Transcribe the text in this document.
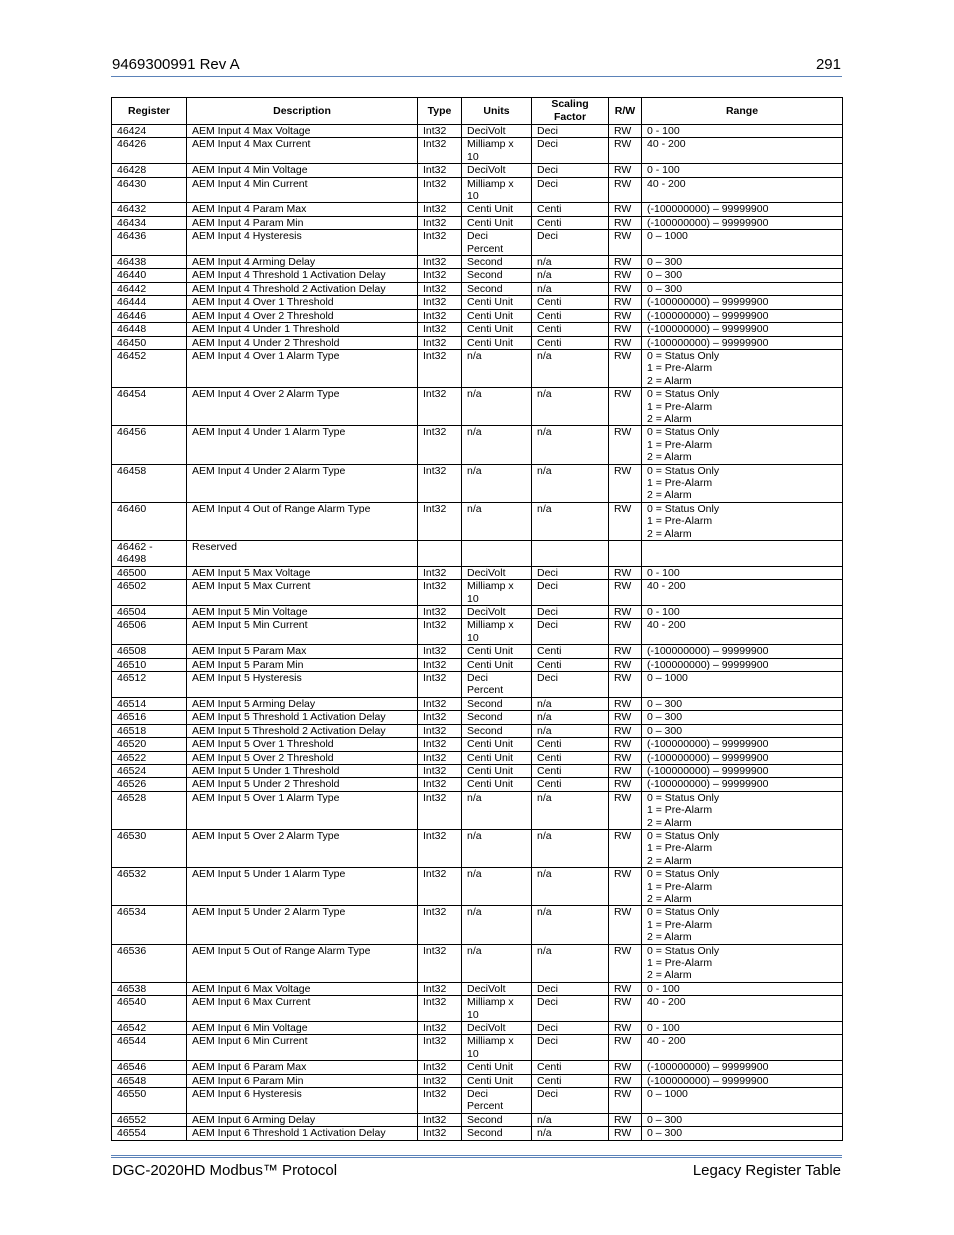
9469300991 Rev A	291
Register	Description	Type	Units	Scaling
Factor	R/W	Range
46424	AEM Input 4 Max Voltage	Int32	DeciVolt	Deci	RW	0 - 100
46426	AEM Input 4 Max Current	Int32	Milliamp x
10	Deci	RW	40 - 200
46428	AEM Input 4 Min Voltage	Int32	DeciVolt	Deci	RW	0 - 100
46430	AEM Input 4 Min Current	Int32	Milliamp x
10	Deci	RW	40 - 200
46432	AEM Input 4 Param Max	Int32	Centi Unit	Centi	RW	(-100000000) – 99999900
46434	AEM Input 4 Param Min	Int32	Centi Unit	Centi	RW	(-100000000) – 99999900
46436	AEM Input 4 Hysteresis	Int32	Deci
Percent	Deci	RW	0 – 1000
46438	AEM Input 4 Arming Delay	Int32	Second	n/a	RW	0 – 300
46440	AEM Input 4 Threshold 1 Activation Delay	Int32	Second	n/a	RW	0 – 300
46442	AEM Input 4 Threshold 2 Activation Delay	Int32	Second	n/a	RW	0 – 300
46444	AEM Input 4 Over 1 Threshold	Int32	Centi Unit	Centi	RW	(-100000000) – 99999900
46446	AEM Input 4 Over 2 Threshold	Int32	Centi Unit	Centi	RW	(-100000000) – 99999900
46448	AEM Input 4 Under 1 Threshold	Int32	Centi Unit	Centi	RW	(-100000000) – 99999900
46450	AEM Input 4 Under 2 Threshold	Int32	Centi Unit	Centi	RW	(-100000000) – 99999900
46452	AEM Input 4 Over 1 Alarm Type	Int32	n/a	n/a	RW	0 = Status Only
1 = Pre-Alarm
2 = Alarm
46454	AEM Input 4 Over 2 Alarm Type	Int32	n/a	n/a	RW	0 = Status Only
1 = Pre-Alarm
2 = Alarm
46456	AEM Input 4 Under 1 Alarm Type	Int32	n/a	n/a	RW	0 = Status Only
1 = Pre-Alarm
2 = Alarm
46458	AEM Input 4 Under 2 Alarm Type	Int32	n/a	n/a	RW	0 = Status Only
1 = Pre-Alarm
2 = Alarm
46460	AEM Input 4 Out of Range Alarm Type	Int32	n/a	n/a	RW	0 = Status Only
1 = Pre-Alarm
2 = Alarm
46462 -
46498	Reserved					
46500	AEM Input 5 Max Voltage	Int32	DeciVolt	Deci	RW	0 - 100
46502	AEM Input 5 Max Current	Int32	Milliamp x
10	Deci	RW	40 - 200
46504	AEM Input 5 Min Voltage	Int32	DeciVolt	Deci	RW	0 - 100
46506	AEM Input 5 Min Current	Int32	Milliamp x
10	Deci	RW	40 - 200
46508	AEM Input 5 Param Max	Int32	Centi Unit	Centi	RW	(-100000000) – 99999900
46510	AEM Input 5 Param Min	Int32	Centi Unit	Centi	RW	(-100000000) – 99999900
46512	AEM Input 5 Hysteresis	Int32	Deci
Percent	Deci	RW	0 – 1000
46514	AEM Input 5 Arming Delay	Int32	Second	n/a	RW	0 – 300
46516	AEM Input 5 Threshold 1 Activation Delay	Int32	Second	n/a	RW	0 – 300
46518	AEM Input 5 Threshold 2 Activation Delay	Int32	Second	n/a	RW	0 – 300
46520	AEM Input 5 Over 1 Threshold	Int32	Centi Unit	Centi	RW	(-100000000) – 99999900
46522	AEM Input 5 Over 2 Threshold	Int32	Centi Unit	Centi	RW	(-100000000) – 99999900
46524	AEM Input 5 Under 1 Threshold	Int32	Centi Unit	Centi	RW	(-100000000) – 99999900
46526	AEM Input 5 Under 2 Threshold	Int32	Centi Unit	Centi	RW	(-100000000) – 99999900
46528	AEM Input 5 Over 1 Alarm Type	Int32	n/a	n/a	RW	0 = Status Only
1 = Pre-Alarm
2 = Alarm
46530	AEM Input 5 Over 2 Alarm Type	Int32	n/a	n/a	RW	0 = Status Only
1 = Pre-Alarm
2 = Alarm
46532	AEM Input 5 Under 1 Alarm Type	Int32	n/a	n/a	RW	0 = Status Only
1 = Pre-Alarm
2 = Alarm
46534	AEM Input 5 Under 2 Alarm Type	Int32	n/a	n/a	RW	0 = Status Only
1 = Pre-Alarm
2 = Alarm
46536	AEM Input 5 Out of Range Alarm Type	Int32	n/a	n/a	RW	0 = Status Only
1 = Pre-Alarm
2 = Alarm
46538	AEM Input 6 Max Voltage	Int32	DeciVolt	Deci	RW	0 - 100
46540	AEM Input 6 Max Current	Int32	Milliamp x
10	Deci	RW	40 - 200
46542	AEM Input 6 Min Voltage	Int32	DeciVolt	Deci	RW	0 - 100
46544	AEM Input 6 Min Current	Int32	Milliamp x
10	Deci	RW	40 - 200
46546	AEM Input 6 Param Max	Int32	Centi Unit	Centi	RW	(-100000000) – 99999900
46548	AEM Input 6 Param Min	Int32	Centi Unit	Centi	RW	(-100000000) – 99999900
46550	AEM Input 6 Hysteresis	Int32	Deci
Percent	Deci	RW	0 – 1000
46552	AEM Input 6 Arming Delay	Int32	Second	n/a	RW	0 – 300
46554	AEM Input 6 Threshold 1 Activation Delay	Int32	Second	n/a	RW	0 – 300
DGC-2020HD Modbus™ Protocol	Legacy Register Table
